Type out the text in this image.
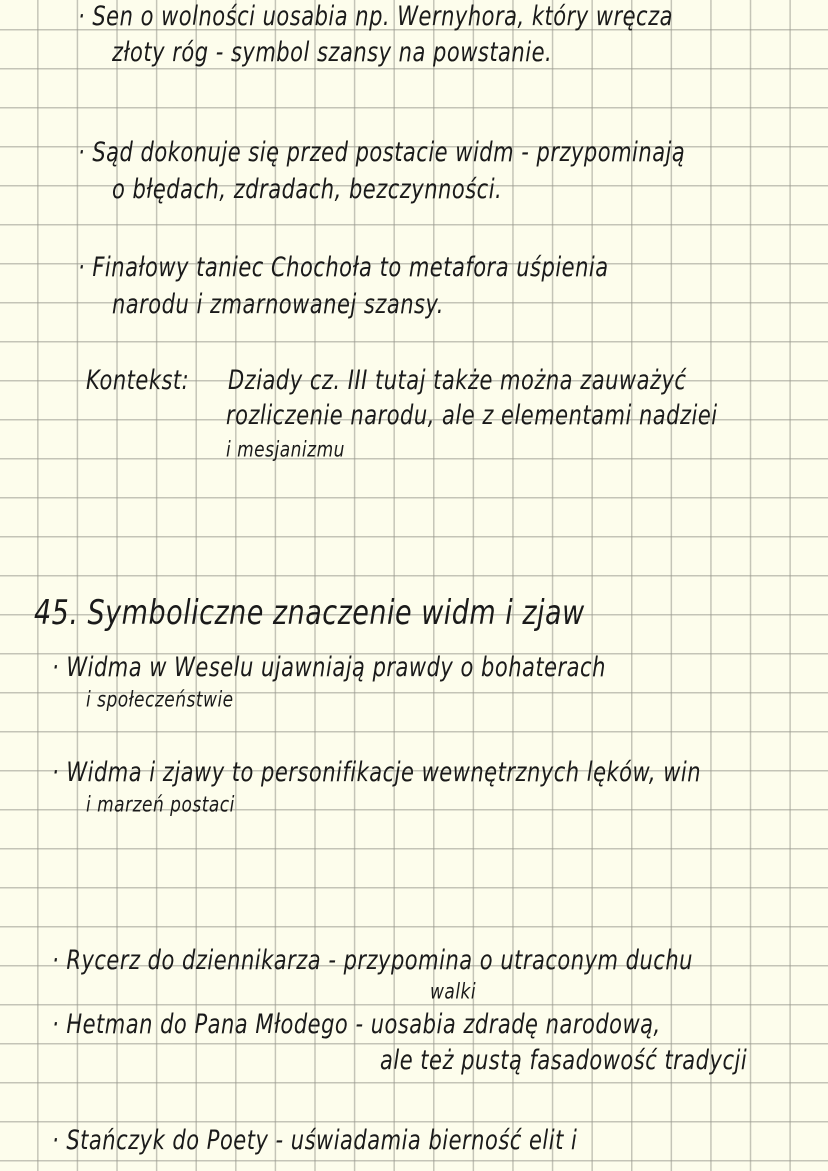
· Sen o wolności uosabia np. Wernyhora, który wręcza
złoty róg - symbol szansy na powstanie.
· Sąd dokonuje się przed postacie widm - przypominają
o błędach, zdradach, bezczynności.
· Finałowy taniec Chochoła to metafora uśpienia
narodu i zmarnowanej szansy.
Kontekst: Dziady cz. III tutaj także można zauważyć
rozliczenie narodu, ale z elementami nadziei
i mesjanizmu
45. Symboliczne znaczenie widm i zjaw
· Widma w Weselu ujawniają prawdy o bohaterach
i społeczeństwie
· Widma i zjawy to personifikacje wewnętrznych lęków, win
i marzeń postaci
· Rycerz do dziennikarza - przypomina o utraconym duchu
walki
· Hetman do Pana Młodego - uosabia zdradę narodową,
ale też pustą fasadowość tradycji
· Stańczyk do Poety - uświadamia bierność elit i
